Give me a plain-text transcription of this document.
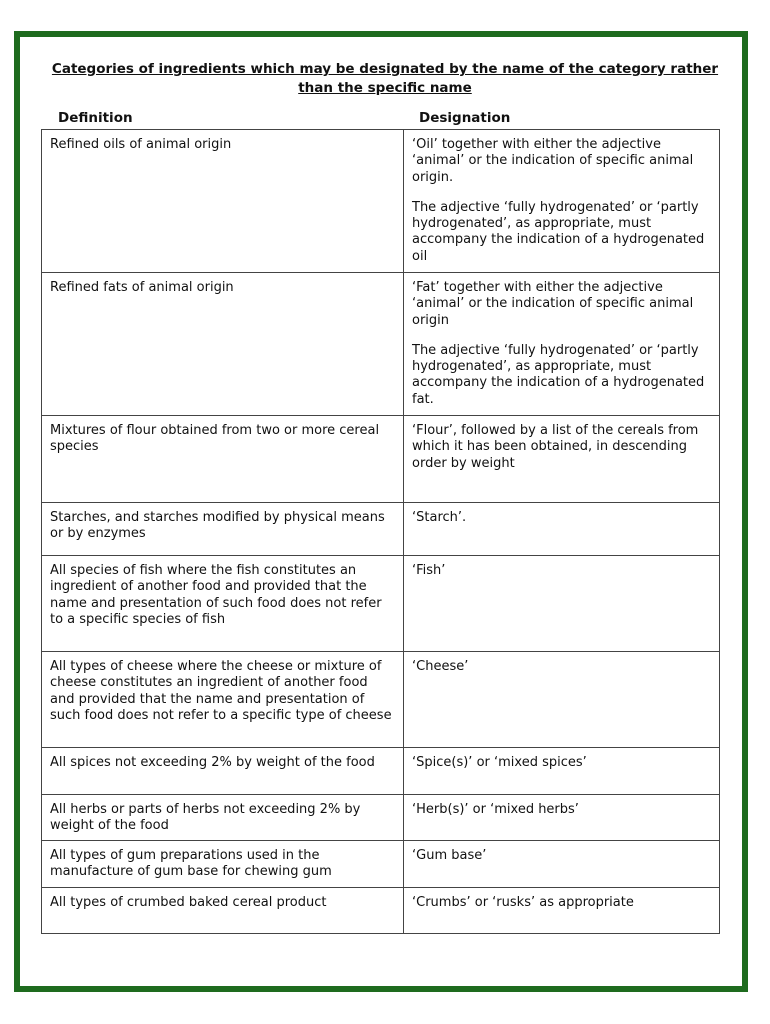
Categories of ingredients which may be designated by the name of the category rather than the specific name
Definition	Designation
Refined oils of animal origin	‘Oil’ together with either the adjective ‘animal’ or the indication of specific animal origin.
The adjective ‘fully hydrogenated’ or ‘partly hydrogenated’, as appropriate, must accompany the indication of a hydrogenated oil

Refined fats of animal origin	‘Fat’ together with either the adjective ‘animal’ or the indication of specific animal origin
The adjective ‘fully hydrogenated’ or ‘partly hydrogenated’, as appropriate, must accompany the indication of a hydrogenated fat.

Mixtures of flour obtained from two or more cereal species	‘Flour’, followed by a list of the cereals from which it has been obtained, in descending order by weight

Starches, and starches modified by physical means or by enzymes	‘Starch’.

All species of fish where the fish constitutes an ingredient of another food and provided that the name and presentation of such food does not refer to a specific species of fish	‘Fish’

All types of cheese where the cheese or mixture of cheese constitutes an ingredient of another food and provided that the name and presentation of such food does not refer to a specific type of cheese	‘Cheese’

All spices not exceeding 2% by weight of the food	‘Spice(s)’ or ‘mixed spices’

All herbs or parts of herbs not exceeding 2% by weight of the food	‘Herb(s)’ or ‘mixed herbs’

All types of gum preparations used in the manufacture of gum base for chewing gum	‘Gum base’

All types of crumbed baked cereal product	‘Crumbs’ or ‘rusks’ as appropriate
